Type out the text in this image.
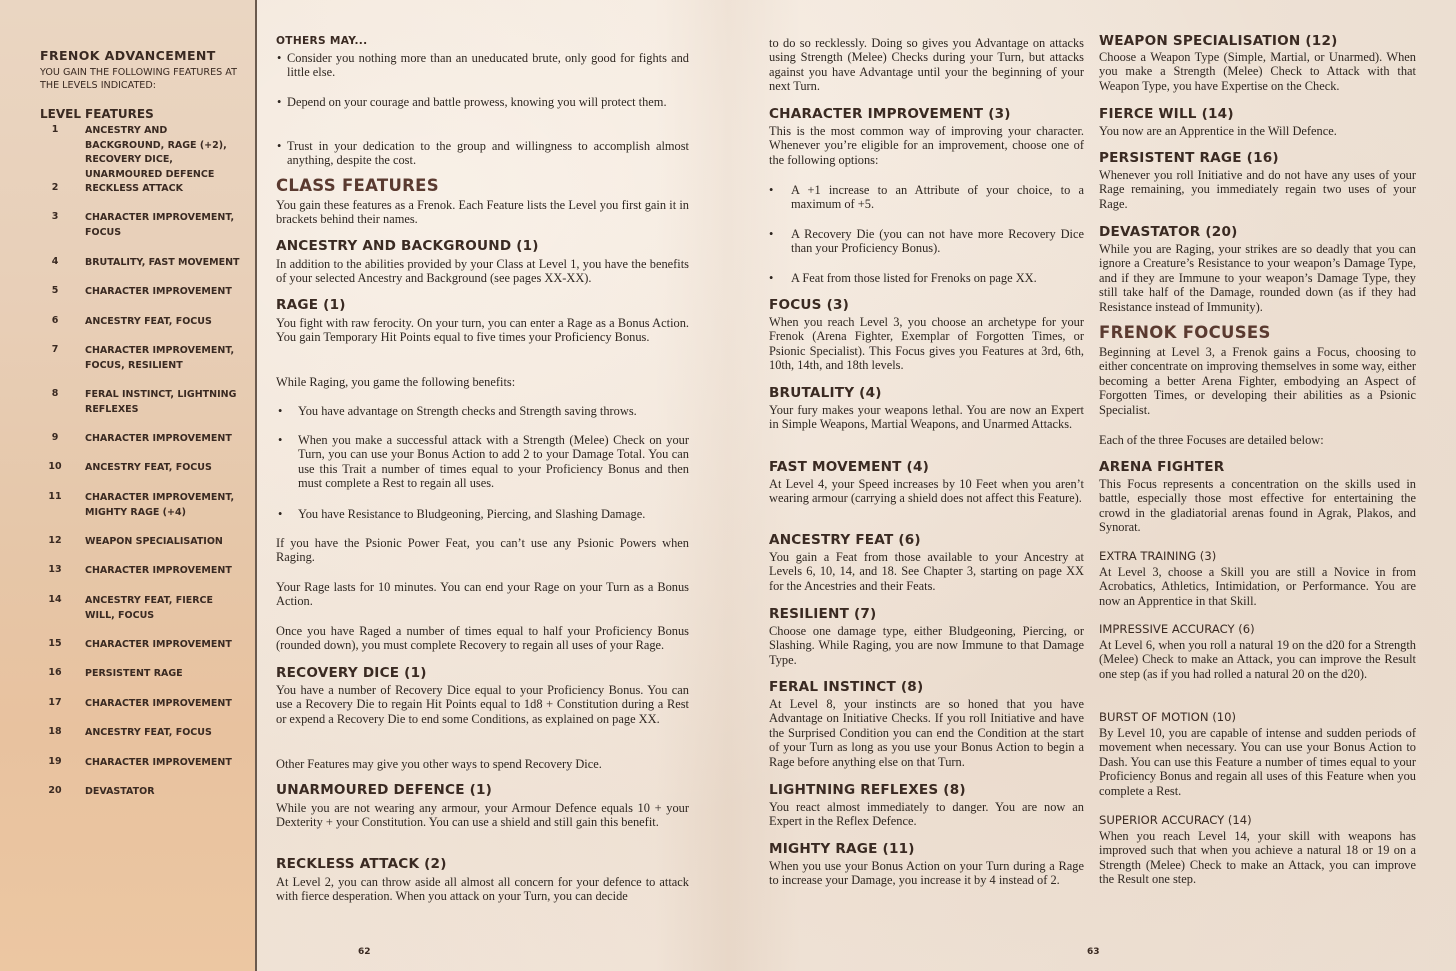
FRENOK ADVANCEMENT
YOU GAIN THE FOLLOWING FEATURES AT THE LEVELS INDICATED:
LEVEL FEATURES
1	ANCESTRY AND BACKGROUND, RAGE (+2), RECOVERY DICE, UNARMOURED DEFENCE
2	RECKLESS ATTACK
3	CHARACTER IMPROVEMENT, FOCUS
4	BRUTALITY, FAST MOVEMENT
5	CHARACTER IMPROVEMENT
6	ANCESTRY FEAT, FOCUS
7	CHARACTER IMPROVEMENT, FOCUS, RESILIENT
8	FERAL INSTINCT, LIGHTNING REFLEXES
9	CHARACTER IMPROVEMENT
10	ANCESTRY FEAT, FOCUS
11	CHARACTER IMPROVEMENT, MIGHTY RAGE (+4)
12	WEAPON SPECIALISATION
13	CHARACTER IMPROVEMENT
14	ANCESTRY FEAT, FIERCE WILL, FOCUS
15	CHARACTER IMPROVEMENT
16	PERSISTENT RAGE
17	CHARACTER IMPROVEMENT
18	ANCESTRY FEAT, FOCUS
19	CHARACTER IMPROVEMENT
20	DEVASTATOR
OTHERS MAY...
• Consider you nothing more than an uneducated brute, only good for fights and little else.
• Depend on your courage and battle prowess, knowing you will protect them.
• Trust in your dedication to the group and willingness to accomplish almost anything, despite the cost.
CLASS FEATURES
You gain these features as a Frenok. Each Feature lists the Level you first gain it in brackets behind their names.
ANCESTRY AND BACKGROUND (1)
In addition to the abilities provided by your Class at Level 1, you have the benefits of your selected Ancestry and Background (see pages XX-XX).
RAGE (1)
You fight with raw ferocity. On your turn, you can enter a Rage as a Bonus Action. You gain Temporary Hit Points equal to five times your Proficiency Bonus.
While Raging, you game the following benefits:
• You have advantage on Strength checks and Strength saving throws.
• When you make a successful attack with a Strength (Melee) Check on your Turn, you can use your Bonus Action to add 2 to your Damage Total. You can use this Trait a number of times equal to your Proficiency Bonus and then must complete a Rest to regain all uses.
• You have Resistance to Bludgeoning, Piercing, and Slashing Damage.
If you have the Psionic Power Feat, you can’t use any Psionic Powers when Raging.
Your Rage lasts for 10 minutes. You can end your Rage on your Turn as a Bonus Action.
Once you have Raged a number of times equal to half your Proficiency Bonus (rounded down), you must complete Recovery to regain all uses of your Rage.
RECOVERY DICE (1)
You have a number of Recovery Dice equal to your Proficiency Bonus. You can use a Recovery Die to regain Hit Points equal to 1d8 + Constitution during a Rest or expend a Recovery Die to end some Conditions, as explained on page XX.
Other Features may give you other ways to spend Recovery Dice.
UNARMOURED DEFENCE (1)
While you are not wearing any armour, your Armour Defence equals 10 + your Dexterity + your Constitution. You can use a shield and still gain this benefit.
RECKLESS ATTACK (2)
At Level 2, you can throw aside all almost all concern for your defence to attack with fierce desperation. When you attack on your Turn, you can decide
62
to do so recklessly. Doing so gives you Advantage on attacks using Strength (Melee) Checks during your Turn, but attacks against you have Advantage until your the beginning of your next Turn.
CHARACTER IMPROVEMENT (3)
This is the most common way of improving your character. Whenever you’re eligible for an improvement, choose one of the following options:
• A +1 increase to an Attribute of your choice, to a maximum of +5.
• A Recovery Die (you can not have more Recovery Dice than your Proficiency Bonus).
• A Feat from those listed for Frenoks on page XX.
FOCUS (3)
When you reach Level 3, you choose an archetype for your Frenok (Arena Fighter, Exemplar of Forgotten Times, or Psionic Specialist). This Focus gives you Features at 3rd, 6th, 10th, 14th, and 18th levels.
BRUTALITY (4)
Your fury makes your weapons lethal. You are now an Expert in Simple Weapons, Martial Weapons, and Unarmed Attacks.
FAST MOVEMENT (4)
At Level 4, your Speed increases by 10 Feet when you aren’t wearing armour (carrying a shield does not affect this Feature).
ANCESTRY FEAT (6)
You gain a Feat from those available to your Ancestry at Levels 6, 10, 14, and 18. See Chapter 3, starting on page XX for the Ancestries and their Feats.
RESILIENT (7)
Choose one damage type, either Bludgeoning, Piercing, or Slashing. While Raging, you are now Immune to that Damage Type.
FERAL INSTINCT (8)
At Level 8, your instincts are so honed that you have Advantage on Initiative Checks. If you roll Initiative and have the Surprised Condition you can end the Condition at the start of your Turn as long as you use your Bonus Action to begin a Rage before anything else on that Turn.
LIGHTNING REFLEXES (8)
You react almost immediately to danger. You are now an Expert in the Reflex Defence.
MIGHTY RAGE (11)
When you use your Bonus Action on your Turn during a Rage to increase your Damage, you increase it by 4 instead of 2.
63
WEAPON SPECIALISATION (12)
Choose a Weapon Type (Simple, Martial, or Unarmed). When you make a Strength (Melee) Check to Attack with that Weapon Type, you have Expertise on the Check.
FIERCE WILL (14)
You now are an Apprentice in the Will Defence.
PERSISTENT RAGE (16)
Whenever you roll Initiative and do not have any uses of your Rage remaining, you immediately regain two uses of your Rage.
DEVASTATOR (20)
While you are Raging, your strikes are so deadly that you can ignore a Creature’s Resistance to your weapon’s Damage Type, and if they are Immune to your weapon’s Damage Type, they still take half of the Damage, rounded down (as if they had Resistance instead of Immunity).
FRENOK FOCUSES
Beginning at Level 3, a Frenok gains a Focus, choosing to either concentrate on improving themselves in some way, either becoming a better Arena Fighter, embodying an Aspect of Forgotten Times, or developing their abilities as a Psionic Specialist.
Each of the three Focuses are detailed below:
ARENA FIGHTER
This Focus represents a concentration on the skills used in battle, especially those most effective for entertaining the crowd in the gladiatorial arenas found in Agrak, Plakos, and Synorat.
EXTRA TRAINING (3)
At Level 3, choose a Skill you are still a Novice in from Acrobatics, Athletics, Intimidation, or Performance. You are now an Apprentice in that Skill.
IMPRESSIVE ACCURACY (6)
At Level 6, when you roll a natural 19 on the d20 for a Strength (Melee) Check to make an Attack, you can improve the Result one step (as if you had rolled a natural 20 on the d20).
BURST OF MOTION (10)
By Level 10, you are capable of intense and sudden periods of movement when necessary. You can use your Bonus Action to Dash. You can use this Feature a number of times equal to your Proficiency Bonus and regain all uses of this Feature when you complete a Rest.
SUPERIOR ACCURACY (14)
When you reach Level 14, your skill with weapons has improved such that when you achieve a natural 18 or 19 on a Strength (Melee) Check to make an Attack, you can improve the Result one step.
